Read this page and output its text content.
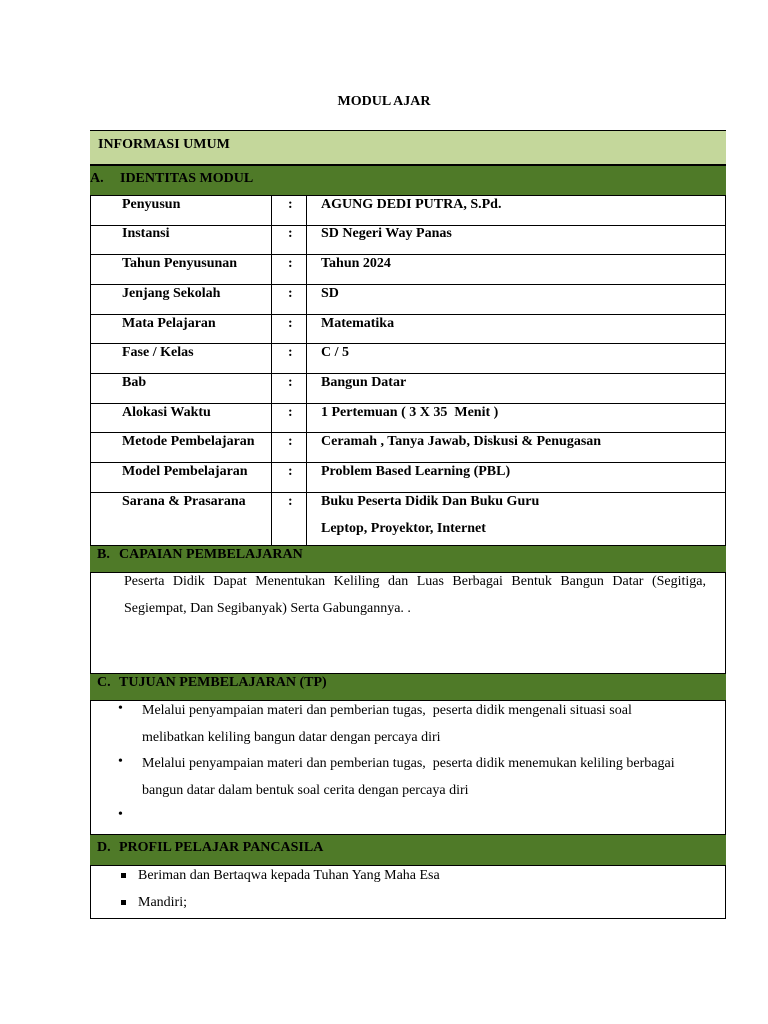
MODUL AJAR
INFORMASI UMUM
A. IDENTITAS MODUL
Penyusun	: AGUNG DEDI PUTRA, S.Pd.
Instansi	: SD Negeri Way Panas
Tahun Penyusunan	: Tahun 2024
Jenjang Sekolah	: SD
Mata Pelajaran	: Matematika
Fase / Kelas	: C / 5
Bab	: Bangun Datar
Alokasi Waktu	: 1 Pertemuan ( 3 X 35  Menit )
Metode Pembelajaran : Ceramah , Tanya Jawab, Diskusi & Penugasan
Model Pembelajaran	: Problem Based Learning (PBL)
Sarana & Prasarana	: Buku Peserta Didik Dan Buku Guru
Leptop, Proyektor, Internet
B. CAPAIAN PEMBELAJARAN
Peserta Didik Dapat Menentukan Keliling dan Luas Berbagai Bentuk Bangun Datar (Segitiga,
Segiempat, Dan Segibanyak) Serta Gabungannya. .
C. TUJUAN PEMBELAJARAN (TP)
• Melalui penyampaian materi dan pemberian tugas,  peserta didik mengenali situasi soal
melibatkan keliling bangun datar dengan percaya diri
• Melalui penyampaian materi dan pemberian tugas,  peserta didik menemukan keliling berbagai
bangun datar dalam bentuk soal cerita dengan percaya diri
•
D. PROFIL PELAJAR PANCASILA
Beriman dan Bertaqwa kepada Tuhan Yang Maha Esa
Mandiri;
